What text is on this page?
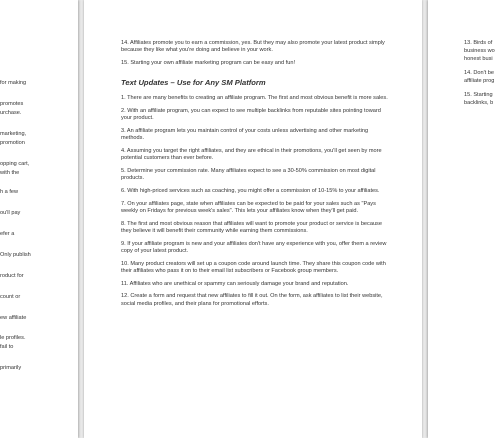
for making
promotes
urchase.
marketing,
promotion
opping cart,
with the
h a few
ou'll pay
efer a
Only publish
roduct for
count or
ew affiliate
le profiles.
fail to
primarily

14. Affiliates promote you to earn a commission, yes. But they may also promote your latest product simply because they like what you're doing and believe in your work.

15. Starting your own affiliate marketing program can be easy and fun!

Text Updates – Use for Any SM Platform

1. There are many benefits to creating an affiliate program. The first and most obvious benefit is more sales.

2. With an affiliate program, you can expect to see multiple backlinks from reputable sites pointing toward your product.

3. An affiliate program lets you maintain control of your costs unless advertising and other marketing methods.

4. Assuming you target the right affiliates, and they are ethical in their promotions, you'll get seen by more potential customers than ever before.

5. Determine your commission rate. Many affiliates expect to see a 30-50% commission on most digital products.

6. With high-priced services such as coaching, you might offer a commission of 10-15% to your affiliates.

7. On your affiliates page, state when affiliates can be expected to be paid for your sales such as "Pays weekly on Fridays for previous week's sales". This lets your affiliates know when they'll get paid.

8. The first and most obvious reason that affiliates will want to promote your product or service is because they believe it will benefit their community while earning them commissions.

9. If your affiliate program is new and your affiliates don't have any experience with you, offer them a review copy of your latest product.

10. Many product creators will set up a coupon code around launch time. They share this coupon code with their affiliates who pass it on to their email list subscribers or Facebook group members.

11. Affiliates who are unethical or spammy can seriously damage your brand and reputation.

12. Create a form and request that new affiliates to fill it out. On the form, ask affiliates to list their website, social media profiles, and their plans for promotional efforts.

13. Birds of
business wo
honest busi
14. Don't be
affiliate prog
15. Starting
backlinks, b
